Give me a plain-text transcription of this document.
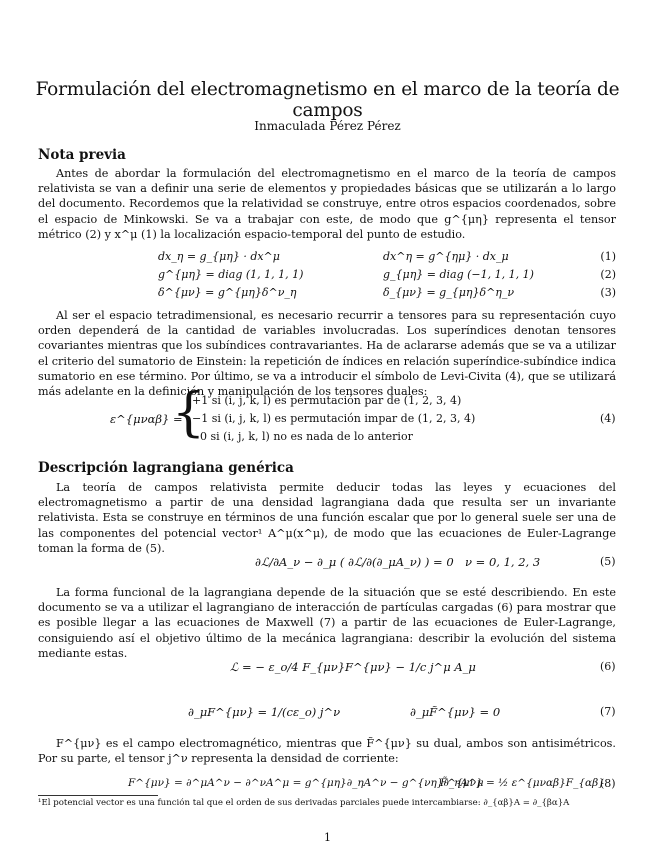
Formulación del electromagnetismo en el marco de la teoría de campos
Inmaculada Pérez Pérez
Nota previa

Antes de abordar la formulación del electromagnetismo en el marco de la teoría de campos relativista se van a definir una serie de elementos y propiedades básicas que se utilizarán a lo largo del documento. Recordemos que la relatividad se construye, entre otros espacios coordenados, sobre el espacio de Minkowski. Se va a trabajar con este, de modo que g^{μη} representa el tensor métrico (2) y x^μ (1) la localización espacio-temporal del punto de estudio.

dx_η = g_{μη} · dx^μ	dx^η = g^{ημ} · dx_μ	(1)
g^{μη} = diag (1, 1, 1, 1)	g_{μη} = diag (−1, 1, 1, 1)	(2)
δ^{μν} = g^{μη}δ^ν_η	δ_{μν} = g_{μη}δ^η_ν	(3)

Al ser el espacio tetradimensional, es necesario recurrir a tensores para su representación cuyo orden dependerá de la cantidad de variables involucradas. Los superíndices denotan tensores covariantes mientras que los subíndices contravariantes. Ha de aclararse además que se va a utilizar el criterio del sumatorio de Einstein: la repetición de índices en relación superíndice-subíndice indica sumatorio en ese término. Por último, se va a introducir el símbolo de Levi-Civita (4), que se utilizará más adelante en la definición y manipulación de los tensores duales:

ε^{μναβ} =
{
+1 si (i, j, k, l) es permutación par de (1, 2, 3, 4)
−1 si (i, j, k, l) es permutación impar de (1, 2, 3, 4)
0 si (i, j, k, l) no es nada de lo anterior
(4)
Descripción lagrangiana genérica

La teoría de campos relativista permite deducir todas las leyes y ecuaciones del electromagnetismo a partir de una densidad lagrangiana dada que resulta ser un invariante relativista. Esta se construye en términos de una función escalar que por lo general suele ser una de las componentes del potencial vector¹ A^μ(x^μ), de modo que las ecuaciones de Euler-Lagrange toman la forma de (5).

∂ℒ/∂A_ν − ∂_μ ( ∂ℒ/∂(∂_μA_ν) ) = 0 ν = 0, 1, 2, 3	(5)

La forma funcional de la lagrangiana depende de la situación que se esté describiendo. En este documento se va a utilizar el lagrangiano de interacción de partículas cargadas (6) para mostrar que es posible llegar a las ecuaciones de Maxwell (7) a partir de las ecuaciones de Euler-Lagrange, consiguiendo así el objetivo último de la mecánica lagrangiana: describir la evolución del sistema mediante estas.

ℒ = − ε_o/4 F_{μν}F^{μν} − 1/c j^μ A_μ	(6)
∂_μF^{μν} = 1/(cε_o) j^ν	∂_μF̃^{μν} = 0	(7)

F^{μν} es el campo electromagnético, mientras que F̃^{μν} su dual, ambos son antisimétricos. Por su parte, el tensor j^ν representa la densidad de corriente:

F^{μν} = ∂^μA^ν − ∂^νA^μ = g^{μη}∂_ηA^ν − g^{νη}∂_ηA^μ
F̃^{μν} = ½ ε^{μναβ}F_{αβ}
(8)
¹El potencial vector es una función tal que el orden de sus derivadas parciales puede intercambiarse: ∂_{αβ}A = ∂_{βα}A
1
